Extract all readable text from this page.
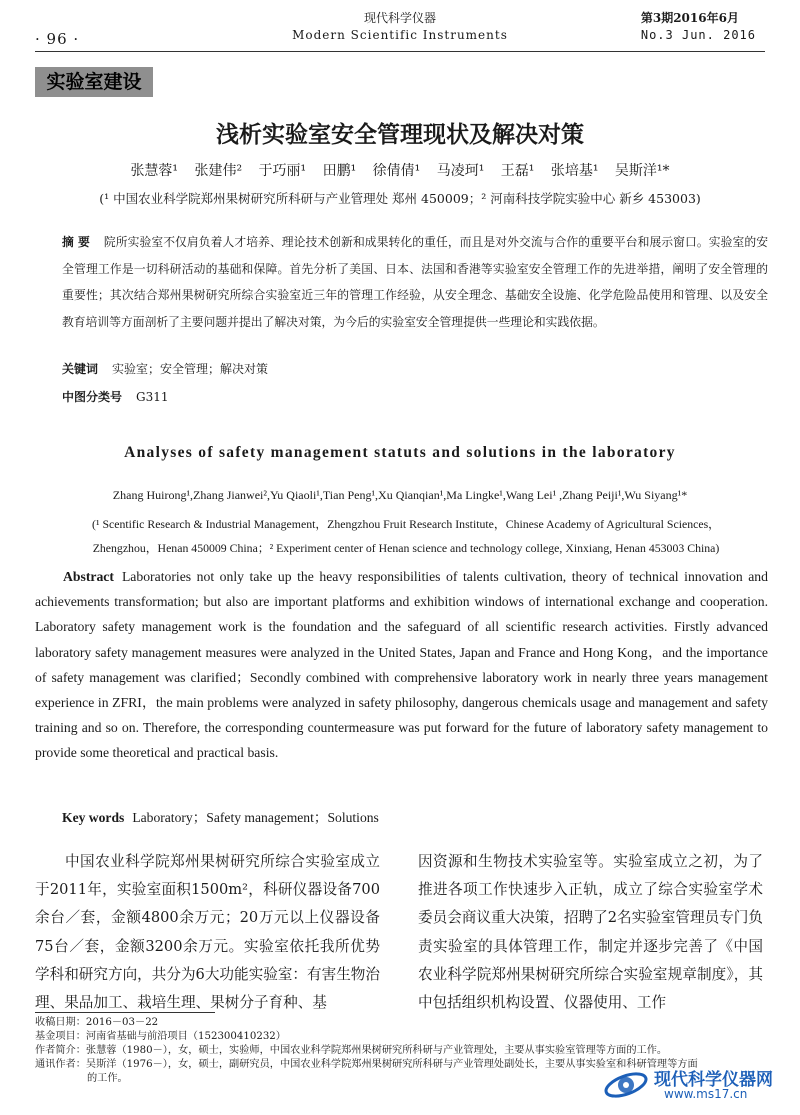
· 96 ·
现代科学仪器
Modern Scientific Instruments
第3期2016年6月
No.3 Jun. 2016
实验室建设
浅析实验室安全管理现状及解决对策
张慧蓉¹ 张建伟² 于巧丽¹ 田鹏¹ 徐倩倩¹ 马凌珂¹ 王磊¹ 张培基¹ 吴斯洋¹*
(¹ 中国农业科学院郑州果树研究所科研与产业管理处 郑州 450009；² 河南科技学院实验中心 新乡 453003)
摘 要 院所实验室不仅肩负着人才培养、理论技术创新和成果转化的重任，而且是对外交流与合作的重要平台和展示窗口。实验室的安全管理工作是一切科研活动的基础和保障。首先分析了美国、日本、法国和香港等实验室安全管理工作的先进举措，阐明了安全管理的重要性；其次结合郑州果树研究所综合实验室近三年的管理工作经验，从安全理念、基础安全设施、化学危险品使用和管理、以及安全教育培训等方面剖析了主要问题并提出了解决对策，为今后的实验室安全管理提供一些理论和实践依据。
关键词 实验室；安全管理；解决对策
中图分类号 G311
Analyses of safety management statuts and solutions in the laboratory
Zhang Huirong¹,Zhang Jianwei²,Yu Qiaoli¹,Tian Peng¹,Xu Qianqian¹,Ma Lingke¹,Wang Lei¹ ,Zhang Peiji¹,Wu Siyang¹*
(¹ Scentific Research & Industrial Management，Zhengzhou Fruit Research Institute，Chinese Academy of Agricultural Sciences，
Zhengzhou，Henan 450009 China；² Experiment center of Henan science and technology college, Xinxiang, Henan 453003 China)
Abstract Laboratories not only take up the heavy responsibilities of talents cultivation, theory of technical innovation and achievements transformation; but also are important platforms and exhibition windows of international exchange and cooperation. Laboratory safety management work is the foundation and the safeguard of all scientific research activities. Firstly advanced laboratory safety management measures were analyzed in the United States, Japan and France and Hong Kong，and the importance of safety management was clarified；Secondly combined with comprehensive laboratory work in nearly three years management experience in ZFRI，the main problems were analyzed in safety philosophy, dangerous chemicals usage and management and safety training and so on. Therefore, the corresponding countermeasure was put forward for the future of laboratory safety management to provide some theoretical and practical basis.
Key words Laboratory；Safety management；Solutions
　　中国农业科学院郑州果树研究所综合实验室成立于2011年，实验室面积1500m²，科研仪器设备700余台／套，金额4800余万元；20万元以上仪器设备75台／套，金额3200余万元。实验室依托我所优势学科和研究方向，共分为6大功能实验室：有害生物治理、果品加工、栽培生理、果树分子育种、基
因资源和生物技术实验室等。实验室成立之初，为了推进各项工作快速步入正轨，成立了综合实验室学术委员会商议重大决策，招聘了2名实验室管理员专门负责实验室的具体管理工作，制定并逐步完善了《中国农业科学院郑州果树研究所综合实验室规章制度》，其中包括组织机构设置、仪器使用、工作
收稿日期：2016－03－22
基金项目：河南省基础与前沿项目（152300410232）
作者简介：张慧蓉（1980－），女，硕士，实验师，中国农业科学院郑州果树研究所科研与产业管理处，主要从事实验室管理等方面的工作。
通讯作者：吴斯洋（1976－），女，硕士，副研究员，中国农业科学院郑州果树研究所科研与产业管理处副处长，主要从事实验室和科研管理等方面
的工作。	现代科学仪器网
www.ms17.cn
